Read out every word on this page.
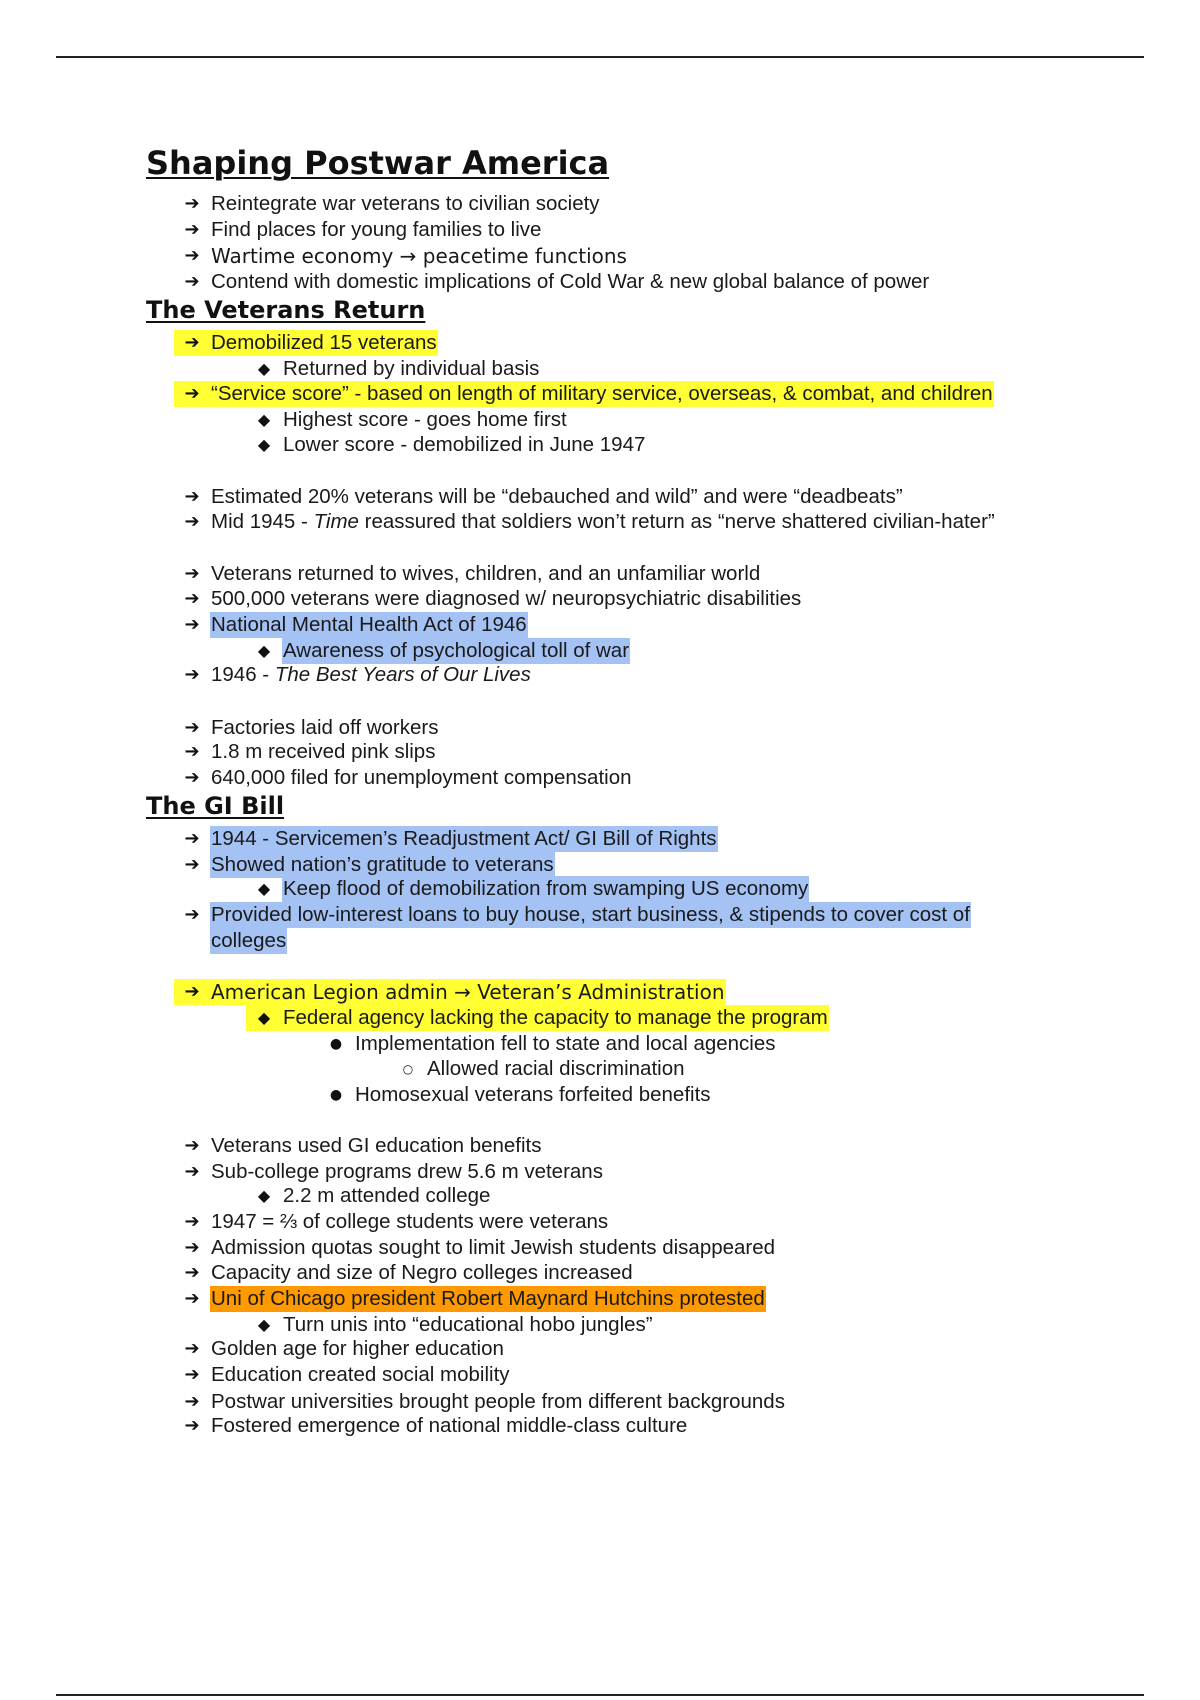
Shaping Postwar America
➔ Reintegrate war veterans to civilian society
➔ Find places for young families to live
➔ Wartime economy → peacetime functions
➔ Contend with domestic implications of Cold War & new global balance of power
The Veterans Return
➔ Demobilized 15 veterans
◆ Returned by individual basis
➔ “Service score” - based on length of military service, overseas, & combat, and children
◆ Highest score - goes home first
◆ Lower score - demobilized in June 1947
➔ Estimated 20% veterans will be “debauched and wild” and were “deadbeats”
➔ Mid 1945 - Time reassured that soldiers won’t return as “nerve shattered civilian-hater”
➔ Veterans returned to wives, children, and an unfamiliar world
➔ 500,000 veterans were diagnosed w/ neuropsychiatric disabilities
➔ National Mental Health Act of 1946
◆ Awareness of psychological toll of war
➔ 1946 - The Best Years of Our Lives
➔ Factories laid off workers
➔ 1.8 m received pink slips
➔ 640,000 filed for unemployment compensation
The GI Bill
➔ 1944 - Servicemen’s Readjustment Act/ GI Bill of Rights
➔ Showed nation’s gratitude to veterans
◆ Keep flood of demobilization from swamping US economy
➔ Provided low-interest loans to buy house, start business, & stipends to cover cost of
colleges
➔ American Legion admin → Veteran’s Administration
◆ Federal agency lacking the capacity to manage the program
● Implementation fell to state and local agencies
○ Allowed racial discrimination
● Homosexual veterans forfeited benefits
➔ Veterans used GI education benefits
➔ Sub-college programs drew 5.6 m veterans
◆ 2.2 m attended college
➔ 1947 = ⅔ of college students were veterans
➔ Admission quotas sought to limit Jewish students disappeared
➔ Capacity and size of Negro colleges increased
➔ Uni of Chicago president Robert Maynard Hutchins protested
◆ Turn unis into “educational hobo jungles”
➔ Golden age for higher education
➔ Education created social mobility
➔ Postwar universities brought people from different backgrounds
➔ Fostered emergence of national middle-class culture
